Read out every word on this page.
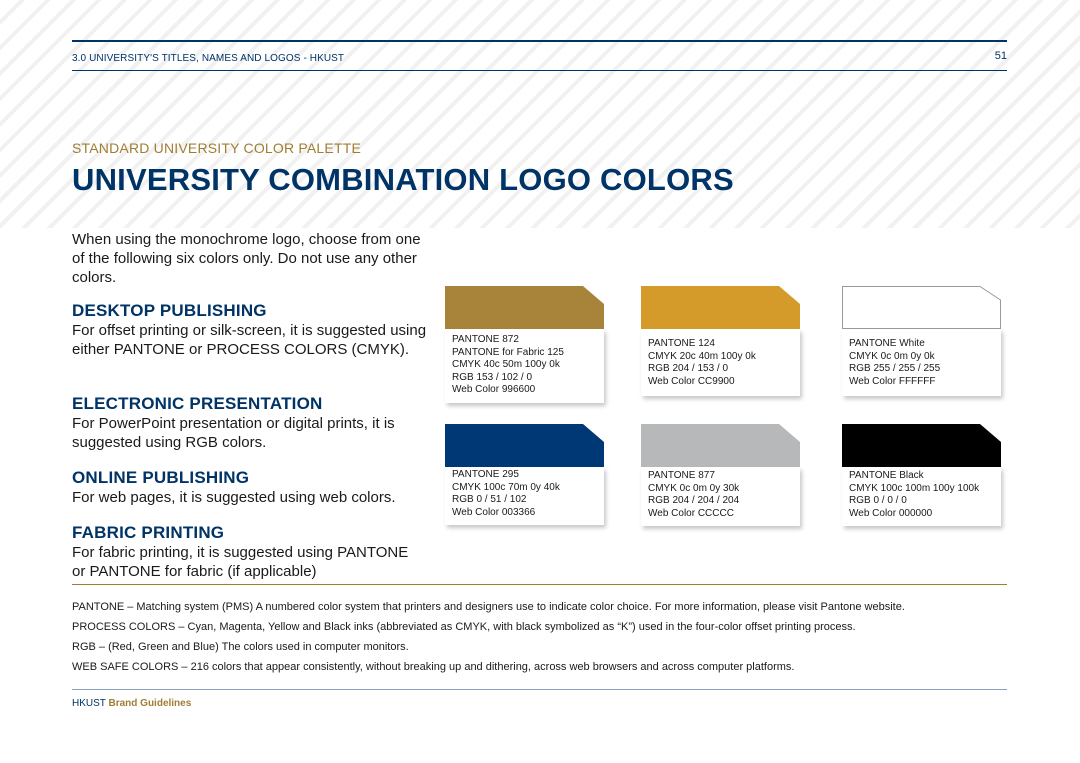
3.0 UNIVERSITY'S TITLES, NAMES AND LOGOS - HKUST	51
STANDARD UNIVERSITY COLOR PALETTE
UNIVERSITY COMBINATION LOGO COLORS
When using the monochrome logo, choose from one of the following six colors only. Do not use any other colors.
DESKTOP PUBLISHING
For offset printing or silk-screen, it is suggested using either PANTONE or PROCESS COLORS (CMYK).
ELECTRONIC PRESENTATION
For PowerPoint presentation or digital prints, it is suggested using RGB colors.
ONLINE PUBLISHING
For web pages, it is suggested using web colors.
FABRIC PRINTING
For fabric printing, it is suggested using PANTONE or PANTONE for fabric (if applicable)
PANTONE 872
PANTONE for Fabric 125
CMYK 40c 50m 100y 0k
RGB 153 / 102 / 0
Web Color 996600
PANTONE 124
CMYK 20c 40m 100y 0k
RGB 204 / 153 / 0
Web Color CC9900
PANTONE White
CMYK 0c 0m 0y 0k
RGB 255 / 255 / 255
Web Color FFFFFF
PANTONE 295
CMYK 100c 70m 0y 40k
RGB 0 / 51 / 102
Web Color 003366
PANTONE 877
CMYK 0c 0m 0y 30k
RGB 204 / 204 / 204
Web Color CCCCC
PANTONE Black
CMYK 100c 100m 100y 100k
RGB 0 / 0 / 0
Web Color 000000
PANTONE – Matching system (PMS) A numbered color system that printers and designers use to indicate color choice. For more information, please visit Pantone website.
PROCESS COLORS – Cyan, Magenta, Yellow and Black inks (abbreviated as CMYK, with black symbolized as “K”) used in the four-color offset printing process.
RGB – (Red, Green and Blue) The colors used in computer monitors.
WEB SAFE COLORS – 216 colors that appear consistently, without breaking up and dithering, across web browsers and across computer platforms.
HKUST Brand Guidelines
